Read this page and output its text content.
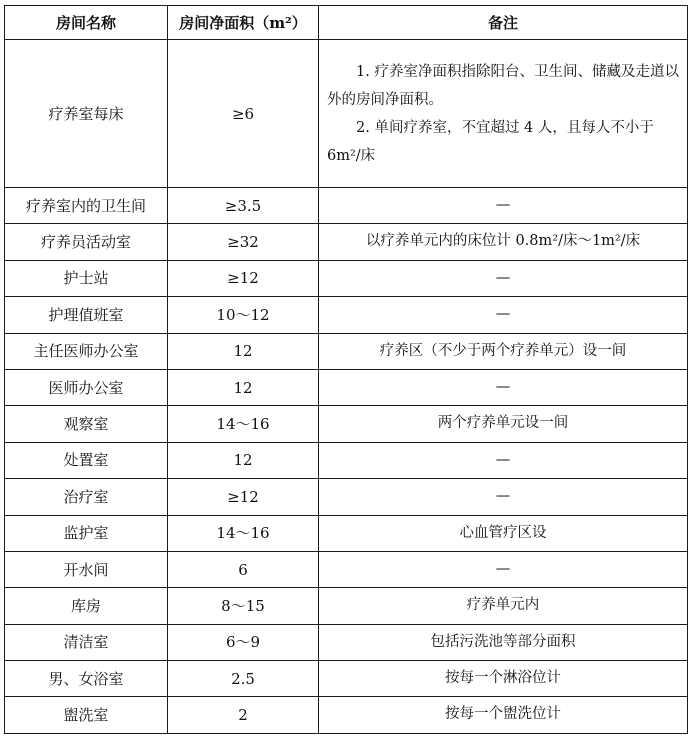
房间名称	房间净面积（m²）	备注
疗养室每床	≥6	1. 疗养室净面积指除阳台、卫生间、储藏及走道以外的房间净面积。
2. 单间疗养室，不宜超过 4 人，且每人不小于 6m²/床

疗养室内的卫生间	≥3.5	—
疗养员活动室	≥32	以疗养单元内的床位计 0.8m²/床～1m²/床
护士站	≥12	—
护理值班室	10～12	—
主任医师办公室	12	疗养区（不少于两个疗养单元）设一间
医师办公室	12	—
观察室	14～16	两个疗养单元设一间
处置室	12	—
治疗室	≥12	—
监护室	14～16	心血管疗区设
开水间	6	—
库房	8～15	疗养单元内
清洁室	6～9	包括污洗池等部分面积
男、女浴室	2.5	按每一个淋浴位计
盥洗室	2	按每一个盥洗位计
